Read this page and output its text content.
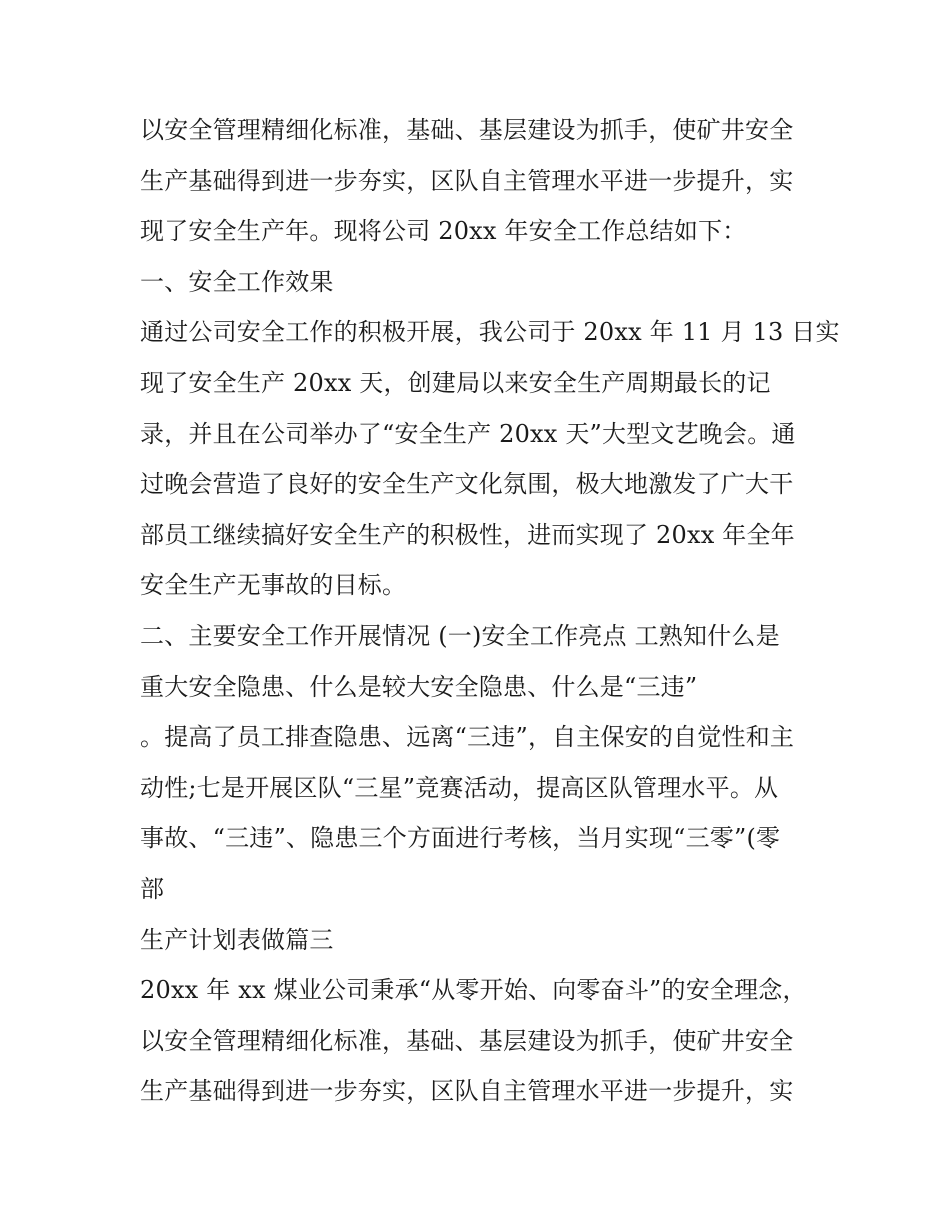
以安全管理精细化标准，基础、基层建设为抓手，使矿井安全
生产基础得到进一步夯实，区队自主管理水平进一步提升，实
现了安全生产年。现将公司 20xx 年安全工作总结如下：
一、安全工作效果
通过公司安全工作的积极开展，我公司于 20xx 年 11 月 13 日实
现了安全生产 20xx 天，创建局以来安全生产周期最长的记
录，并且在公司举办了“安全生产 20xx 天”大型文艺晚会。通
过晚会营造了良好的安全生产文化氛围，极大地激发了广大干
部员工继续搞好安全生产的积极性，进而实现了 20xx 年全年
安全生产无事故的目标。
二、主要安全工作开展情况 (一)安全工作亮点 工熟知什么是
重大安全隐患、什么是较大安全隐患、什么是“三违”
。提高了员工排查隐患、远离“三违”，自主保安的自觉性和主
动性;七是开展区队“三星”竞赛活动，提高区队管理水平。从
事故、“三违”、隐患三个方面进行考核，当月实现“三零”(零
部
生产计划表做篇三
20xx 年 xx 煤业公司秉承“从零开始、向零奋斗”的安全理念，
以安全管理精细化标准，基础、基层建设为抓手，使矿井安全
生产基础得到进一步夯实，区队自主管理水平进一步提升，实
